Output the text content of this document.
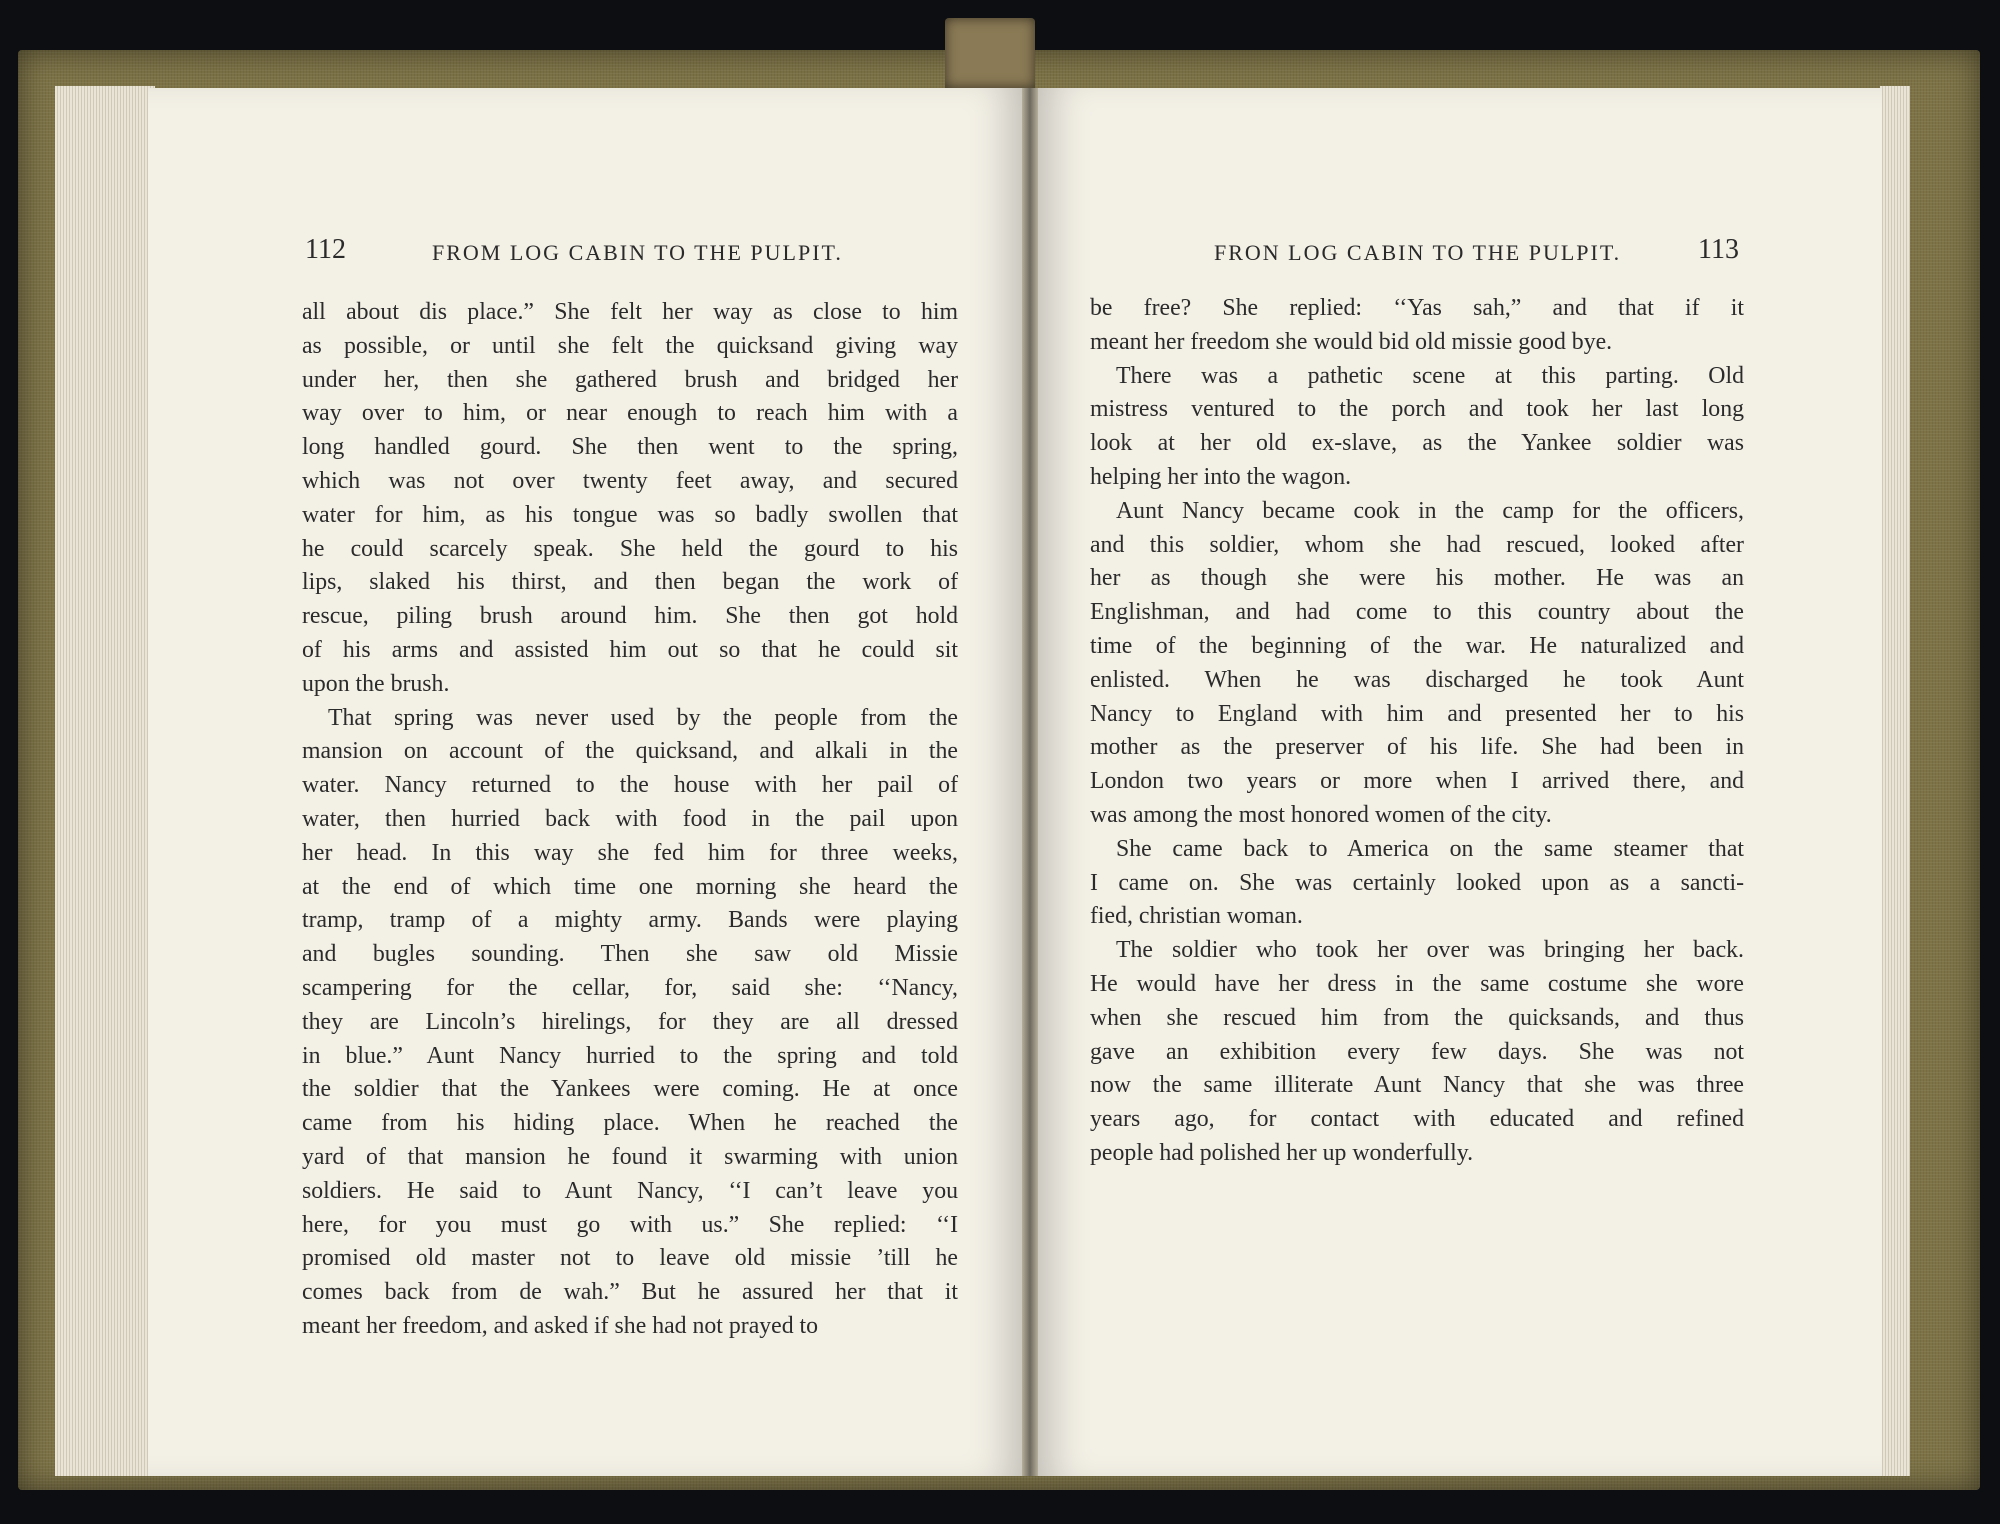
112	FROM LOG CABIN TO THE PULPIT.	FRON LOG CABIN TO THE PULPIT.	113
all about dis place.” She felt her way as close to him
as possible, or until she felt the quicksand giving way
under her, then she gathered brush and bridged her
way over to him, or near enough to reach him with a
long handled gourd. She then went to the spring,
which was not over twenty feet away, and secured
water for him, as his tongue was so badly swollen that
he could scarcely speak. She held the gourd to his
lips, slaked his thirst, and then began the work of
rescue, piling brush around him. She then got hold
of his arms and assisted him out so that he could sit
upon the brush.
That spring was never used by the people from the
mansion on account of the quicksand, and alkali in the
water. Nancy returned to the house with her pail of
water, then hurried back with food in the pail upon
her head. In this way she fed him for three weeks,
at the end of which time one morning she heard the
tramp, tramp of a mighty army. Bands were playing
and bugles sounding. Then she saw old Missie
scampering for the cellar, for, said she: ‘‘Nancy,
they are Lincoln’s hirelings, for they are all dressed
in blue.” Aunt Nancy hurried to the spring and told
the soldier that the Yankees were coming. He at once
came from his hiding place. When he reached the
yard of that mansion he found it swarming with union
soldiers. He said to Aunt Nancy, ‘‘I can’t leave you
here, for you must go with us.” She replied: ‘‘I
promised old master not to leave old missie ’till he
comes back from de wah.” But he assured her that it
meant her freedom, and asked if she had not prayed to
be free? She replied: ‘‘Yas sah,” and that if it
meant her freedom she would bid old missie good bye.
There was a pathetic scene at this parting. Old
mistress ventured to the porch and took her last long
look at her old ex-slave, as the Yankee soldier was
helping her into the wagon.
Aunt Nancy became cook in the camp for the officers,
and this soldier, whom she had rescued, looked after
her as though she were his mother. He was an
Englishman, and had come to this country about the
time of the beginning of the war. He naturalized and
enlisted. When he was discharged he took Aunt
Nancy to England with him and presented her to his
mother as the preserver of his life. She had been in
London two years or more when I arrived there, and
was among the most honored women of the city.
She came back to America on the same steamer that
I came on. She was certainly looked upon as a sancti-
fied, christian woman.
The soldier who took her over was bringing her back.
He would have her dress in the same costume she wore
when she rescued him from the quicksands, and thus
gave an exhibition every few days. She was not
now the same illiterate Aunt Nancy that she was three
years ago, for contact with educated and refined
people had polished her up wonderfully.
